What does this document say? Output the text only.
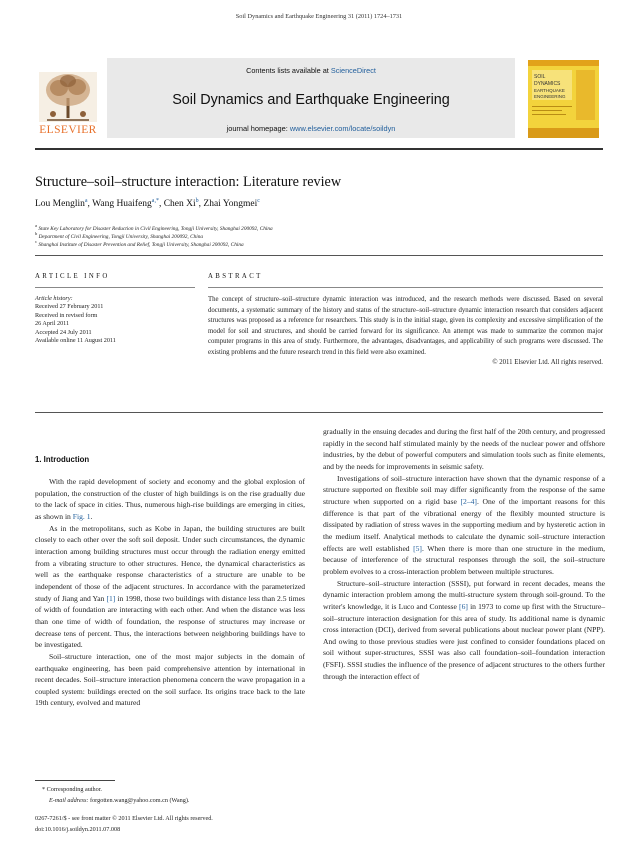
Soil Dynamics and Earthquake Engineering 31 (2011) 1724–1731
ELSEVIER
Contents lists available at ScienceDirect
Soil Dynamics and Earthquake Engineering
journal homepage: www.elsevier.com/locate/soildyn
SOIL
DYNAMICS
EARTHQUAKE
ENGINEERING
Structure–soil–structure interaction: Literature review
Lou Menglin$^a$, Wang Huaifeng$^{a,*}$, Chen Xi$^b$, Zhai Yongmei$^c$
$^a$ State Key Laboratory for Disaster Reduction in Civil Engineering, Tongji University, Shanghai 200092, China
$^b$ Department of Civil Engineering, Tongji University, Shanghai 200092, China
$^c$ Shanghai Institute of Disaster Prevention and Relief, Tongji University, Shanghai 200092, China
ARTICLE INFO	ABSTRACT
Article history:
Received 27 February 2011
Received in revised form
26 April 2011
Accepted 24 July 2011
Available online 11 August 2011
The concept of structure–soil–structure dynamic interaction was introduced, and the research methods were discussed. Based on several documents, a systematic summary of the history and status of the structure–soil–structure dynamic interaction research that considers adjacent structures was proposed as a reference for researchers. This study is in the initial stage, given its complexity and excessive simplification of the model for soil and structures, and should be carried forward for its significance. An attempt was made to summarize the common major computer programs in this area of study. Furthermore, the advantages, disadvantages, and applicability of such programs were discussed. The existing problems and the future research trend in this field were also examined.
© 2011 Elsevier Ltd. All rights reserved.
1. Introduction

With the rapid development of society and economy and the global explosion of population, the construction of the cluster of high buildings is on the rise gradually due to the lack of space in cities. Thus, numerous high-rise buildings are emerging in cities, as shown in Fig. 1.

As in the metropolitans, such as Kobe in Japan, the building structures are built closely to each other over the soft soil deposit. Under such circumstances, the dynamic interaction among building structures must occur through the radiation energy emitted from a vibrating structure to other structures. Hence, the dynamical characteristics as well as the earthquake response characteristics of a structure are unable to be independent of those of the adjacent structures. In accordance with the parameterized study of Jiang and Yan [1] in 1998, those two buildings with distance less than 2.5 times of width of foundation are interacting with each other. And when the distance was less than one time of width of foundation, the response of structures may increase or decrease tens of percent. Thus, the interactions between neighboring buildings have to be investigated.

Soil–structure interaction, one of the most major subjects in the domain of earthquake engineering, has been paid comprehensive attention by international in recent decades. Soil–structure interaction phenomena concern the wave propagation in a coupled system: buildings erected on the soil surface. Its origins trace back to the late 19th century, evolved and matured

gradually in the ensuing decades and during the first half of the 20th century, and progressed rapidly in the second half stimulated mainly by the needs of the nuclear power and offshore industries, by the debut of powerful computers and simulation tools such as finite elements, and by the needs for improvements in seismic safety.

Investigations of soil–structure interaction have shown that the dynamic response of a structure supported on flexible soil may differ significantly from the response of the same structure when supported on a rigid base [2–4]. One of the important reasons for this difference is that part of the vibrational energy of the flexibly mounted structure is dissipated by radiation of stress waves in the supporting medium and by hysteretic action in the medium itself. Analytical methods to calculate the dynamic soil–structure interaction effects are well established [5]. When there is more than one structure in the medium, because of interference of the structural responses through the soil, the soil–structure problem evolves to a cross-interaction problem between multiple structures.

Structure–soil–structure interaction (SSSI), put forward in recent decades, means the dynamic interaction problem among the multi-structure system through soil-ground. To the writer's knowledge, it is Luco and Contesse [6] in 1973 to come up first with the Structure–soil–structure interaction designation for this area of study. Its additional name is dynamic cross interaction (DCI), derived from several publications about nuclear power plant (NPP). And owing to those previous studies were just confined to consider foundations placed on soil without super-structures, SSSI was also call foundation–soil–foundation interaction (FSFI). SSSI studies the influence of the presence of adjacent structures to the others further through the interaction effect of

* Corresponding author.
E-mail address: forgotten.wang@yahoo.com.cn (Wang).
0267-7261/$ - see front matter © 2011 Elsevier Ltd. All rights reserved.
doi:10.1016/j.soildyn.2011.07.008
